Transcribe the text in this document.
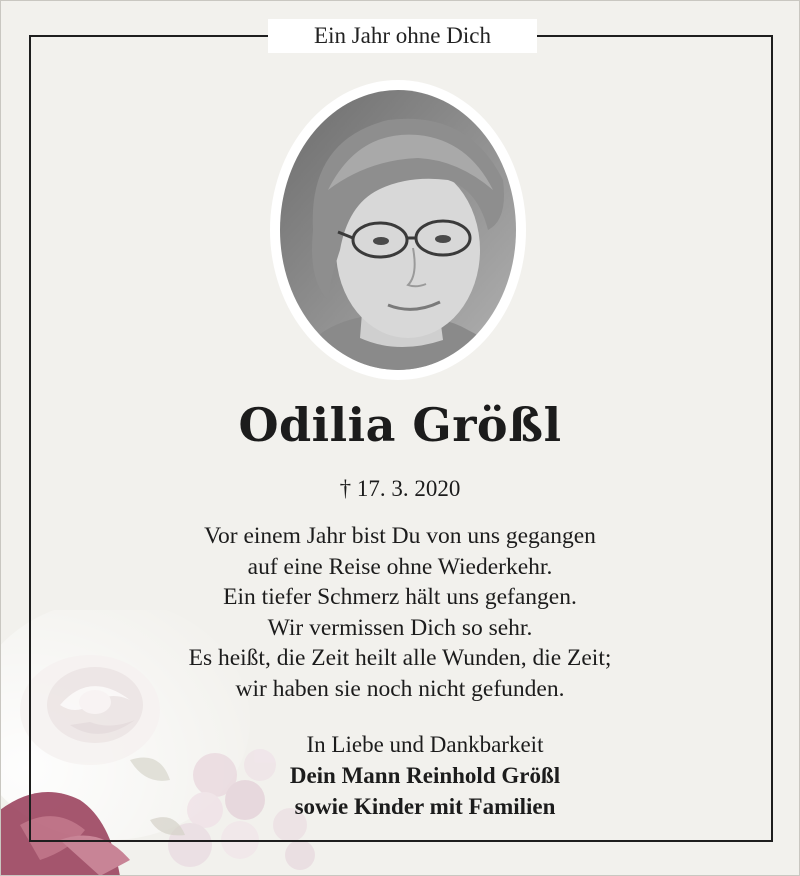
Ein Jahr ohne Dich
Odilia Größl
† 17. 3. 2020
Vor einem Jahr bist Du von uns gegangen
auf eine Reise ohne Wiederkehr.
Ein tiefer Schmerz hält uns gefangen.
Wir vermissen Dich so sehr.
Es heißt, die Zeit heilt alle Wunden, die Zeit;
wir haben sie noch nicht gefunden.
In Liebe und Dankbarkeit
Dein Mann Reinhold Größl
sowie Kinder mit Familien
